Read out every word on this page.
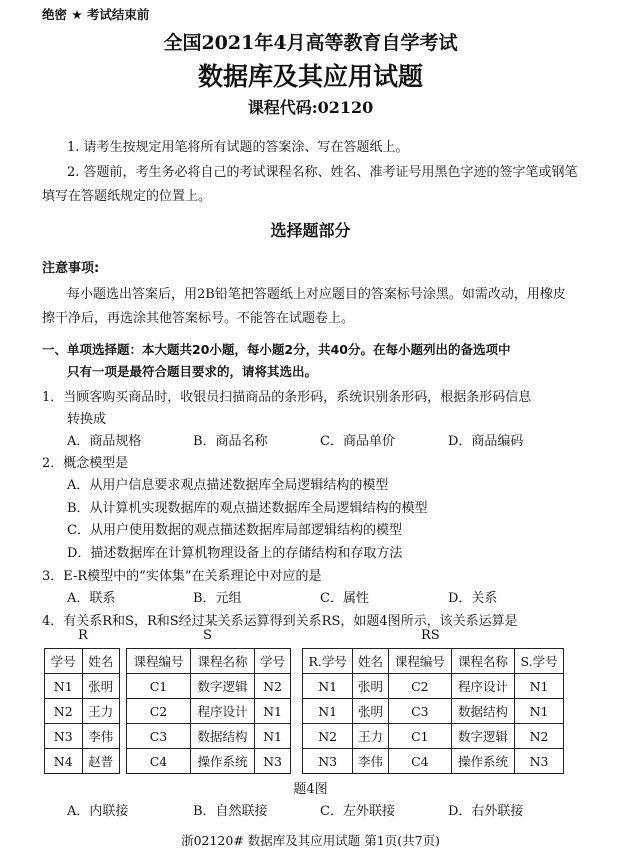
绝密 ★ 考试结束前
全国2021年4月高等教育自学考试
数据库及其应用试题
课程代码:02120
1. 请考生按规定用笔将所有试题的答案涂、写在答题纸上。
2. 答题前，考生务必将自己的考试课程名称、姓名、准考证号用黑色字迹的签字笔或钢笔
填写在答题纸规定的位置上。
选择题部分
注意事项:
每小题选出答案后，用2B铅笔把答题纸上对应题目的答案标号涂黑。如需改动，用橡皮
擦干净后，再选涂其他答案标号。不能答在试题卷上。
一、单项选择题：本大题共20小题，每小题2分，共40分。在每小题列出的备选项中
只有一项是最符合题目要求的，请将其选出。
1．当顾客购买商品时，收银员扫描商品的条形码，系统识别条形码，根据条形码信息
转换成
A．商品规格	B．商品名称	C．商品单价	D．商品编码
2．概念模型是
A．从用户信息要求观点描述数据库全局逻辑结构的模型
B．从计算机实现数据库的观点描述数据库全局逻辑结构的模型
C．从用户使用数据的观点描述数据库局部逻辑结构的模型
D．描述数据库在计算机物理设备上的存储结构和存取方法
3．E-R模型中的“实体集”在关系理论中对应的是
A．联系	B．元组	C．属性	D．关系
4．有关系R和S，R和S经过某关系运算得到关系RS，如题4图所示，该关系运算是
R	S	RS
学号	姓名
N1	张明
N2	王力
N3	李伟
N4	赵普
课程编号	课程名称	学号
C1	数字逻辑	N2
C2	程序设计	N1
C3	数据结构	N1
C4	操作系统	N3
R.学号	姓名	课程编号	课程名称	S.学号
N1	张明	C2	程序设计	N1
N1	张明	C3	数据结构	N1
N2	王力	C1	数字逻辑	N2
N3	李伟	C4	操作系统	N3
题4图
A．内联接	B．自然联接	C．左外联接	D．右外联接
浙02120# 数据库及其应用试题 第1页(共7页)
